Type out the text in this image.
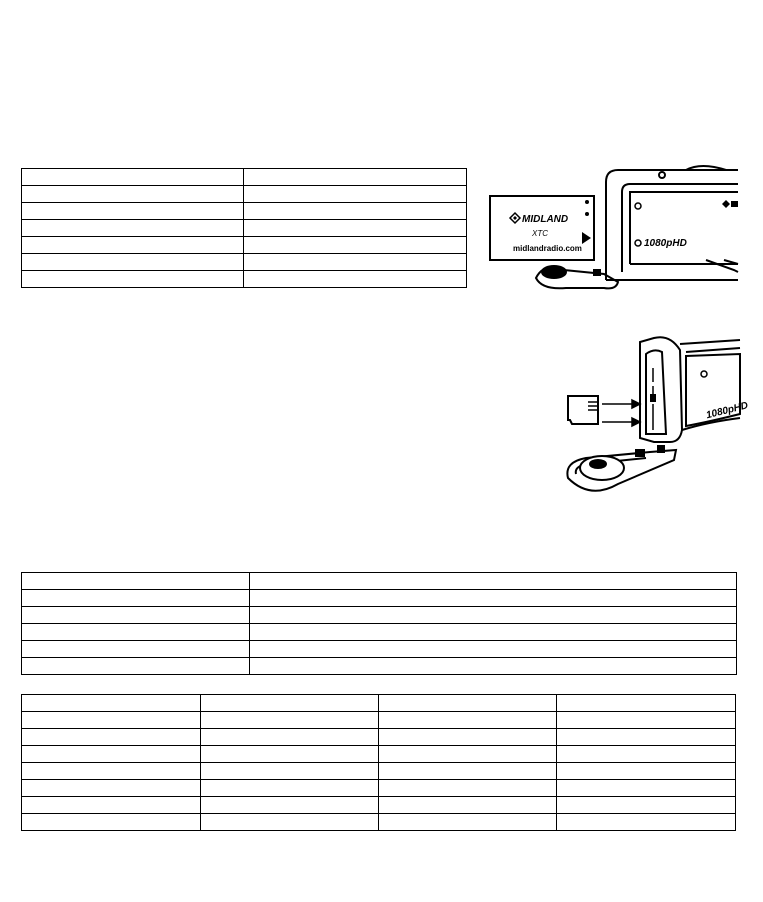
1080pHD
MIDLAND
XTC
midlandradio.com
1080pHD
